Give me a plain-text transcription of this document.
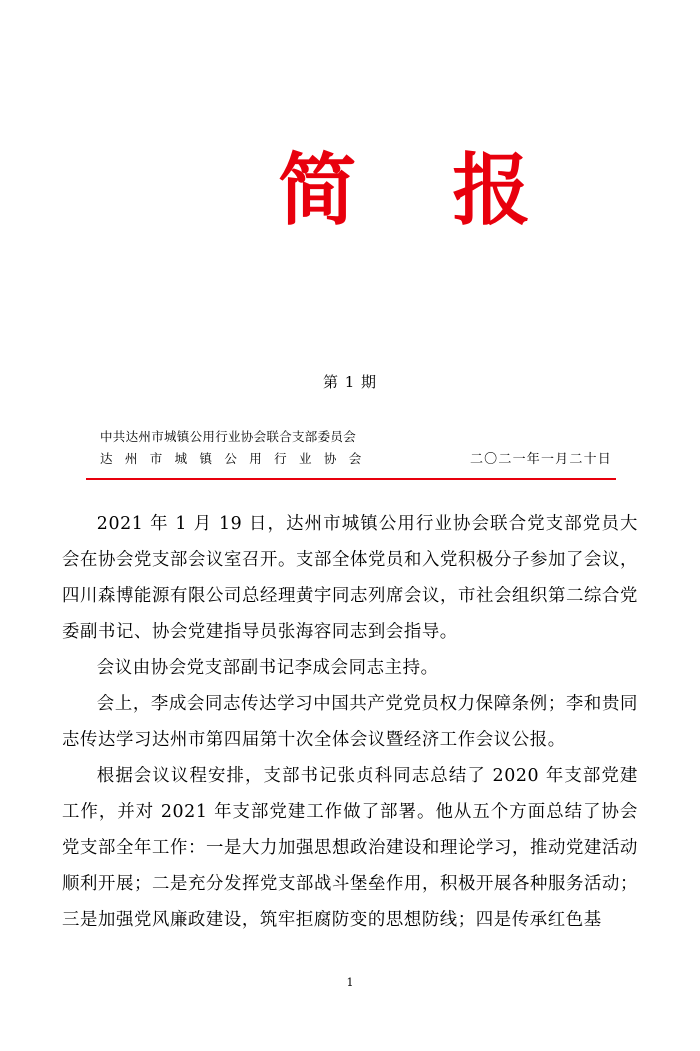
简 报

第 1 期
中共达州市城镇公用行业协会联合支部委员会
达 州 市 城 镇 公 用 行 业 协 会	二〇二一年一月二十日

2021 年 1 月 19 日，达州市城镇公用行业协会联合党支部党员大会在协会党支部会议室召开。支部全体党员和入党积极分子参加了会议，四川森博能源有限公司总经理黄宇同志列席会议，市社会组织第二综合党委副书记、协会党建指导员张海容同志到会指导。

会议由协会党支部副书记李成会同志主持。

会上，李成会同志传达学习中国共产党党员权力保障条例；李和贵同志传达学习达州市第四届第十次全体会议暨经济工作会议公报。

根据会议议程安排，支部书记张贞科同志总结了 2020 年支部党建工作，并对 2021 年支部党建工作做了部署。他从五个方面总结了协会党支部全年工作：一是大力加强思想政治建设和理论学习，推动党建活动顺利开展；二是充分发挥党支部战斗堡垒作用，积极开展各种服务活动；三是加强党风廉政建设，筑牢拒腐防变的思想防线；四是传承红色基

1
